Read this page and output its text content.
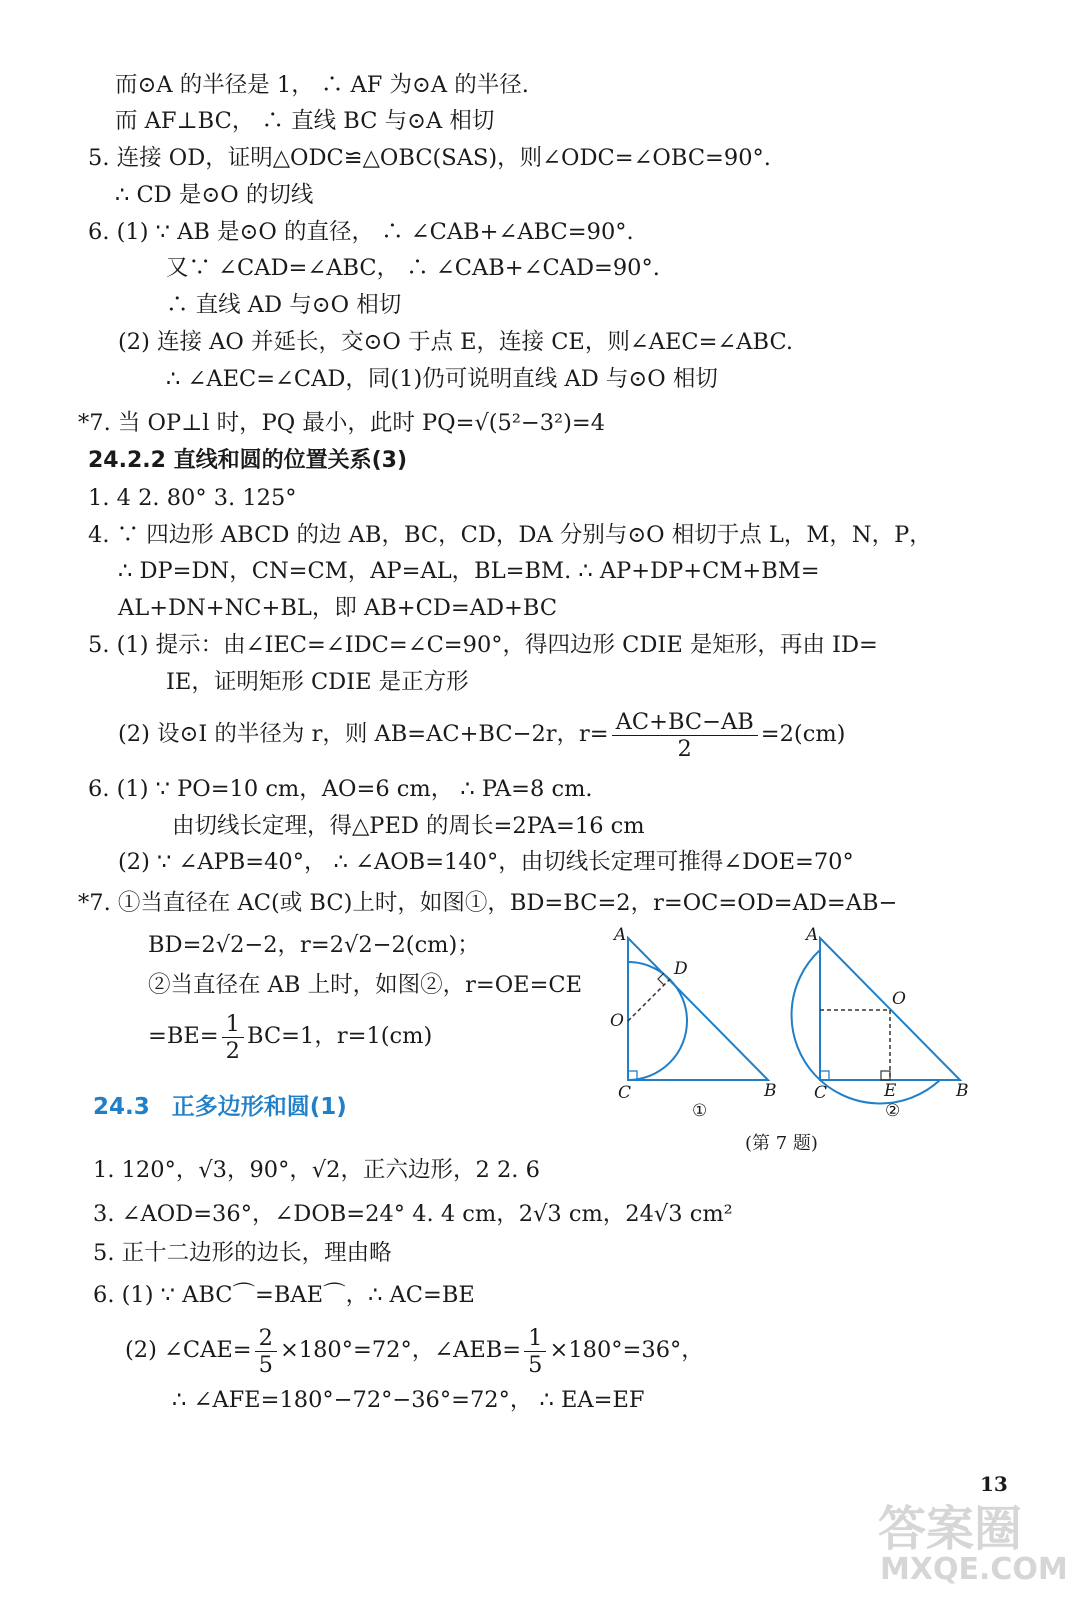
而⊙A 的半径是 1， ∴ AF 为⊙A 的半径.
而 AF⊥BC， ∴ 直线 BC 与⊙A 相切
5. 连接 OD，证明△ODC≌△OBC(SAS)，则∠ODC=∠OBC=90°.
∴ CD 是⊙O 的切线
6. (1) ∵ AB 是⊙O 的直径， ∴ ∠CAB+∠ABC=90°.
又∵ ∠CAD=∠ABC， ∴ ∠CAB+∠CAD=90°.
∴ 直线 AD 与⊙O 相切
(2) 连接 AO 并延长，交⊙O 于点 E，连接 CE，则∠AEC=∠ABC.
∴ ∠AEC=∠CAD，同(1)仍可说明直线 AD 与⊙O 相切
*7. 当 OP⊥l 时，PQ 最小，此时 PQ=√(5²−3²)=4
24.2.2 直线和圆的位置关系(3)
1. 4 2. 80° 3. 125°
4. ∵ 四边形 ABCD 的边 AB，BC，CD，DA 分别与⊙O 相切于点 L，M，N，P，
∴ DP=DN，CN=CM，AP=AL，BL=BM. ∴ AP+DP+CM+BM=
AL+DN+NC+BL，即 AB+CD=AD+BC
5. (1) 提示：由∠IEC=∠IDC=∠C=90°，得四边形 CDIE 是矩形，再由 ID=
IE，证明矩形 CDIE 是正方形
(2) 设⊙I 的半径为 r，则 AB=AC+BC−2r，$r= \frac{AC+BC-AB}{2} =2(cm)$
6. (1) ∵ PO=10 cm，AO=6 cm， ∴ PA=8 cm.
由切线长定理，得△PED 的周长=2PA=16 cm
(2) ∵ ∠APB=40°， ∴ ∠AOB=140°，由切线长定理可推得∠DOE=70°
*7. ①当直径在 AC(或 BC)上时，如图①，BD=BC=2，r=OC=OD=AD=AB−
BD=2√2−2，r=2√2−2(cm)；
②当直径在 AB 上时，如图②，r=OE=CE
$=BE= \frac{1}{2} BC=1$，r=1(cm)
A
D
O
C	B
①
A
O
C	E	B
②
24.3 正多边形和圆(1)
(第 7 题)
1. 120°，√3，90°，√2，正六边形，2 2. 6
3. ∠AOD=36°，∠DOB=24° 4. 4 cm，2√3 cm，24√3 cm²
5. 正十二边形的边长，理由略
6. (1) ∵ ABC⌒=BAE⌒，∴ AC=BE
(2) ∠CAE= $\frac{2}{5} \times 180^\circ=72^\circ$，∠AEB= $\frac{1}{5} \times 180^\circ=36^\circ$，
∴ ∠AFE=180°−72°−36°=72°， ∴ EA=EF
13
答案圈
MXQE.COM
